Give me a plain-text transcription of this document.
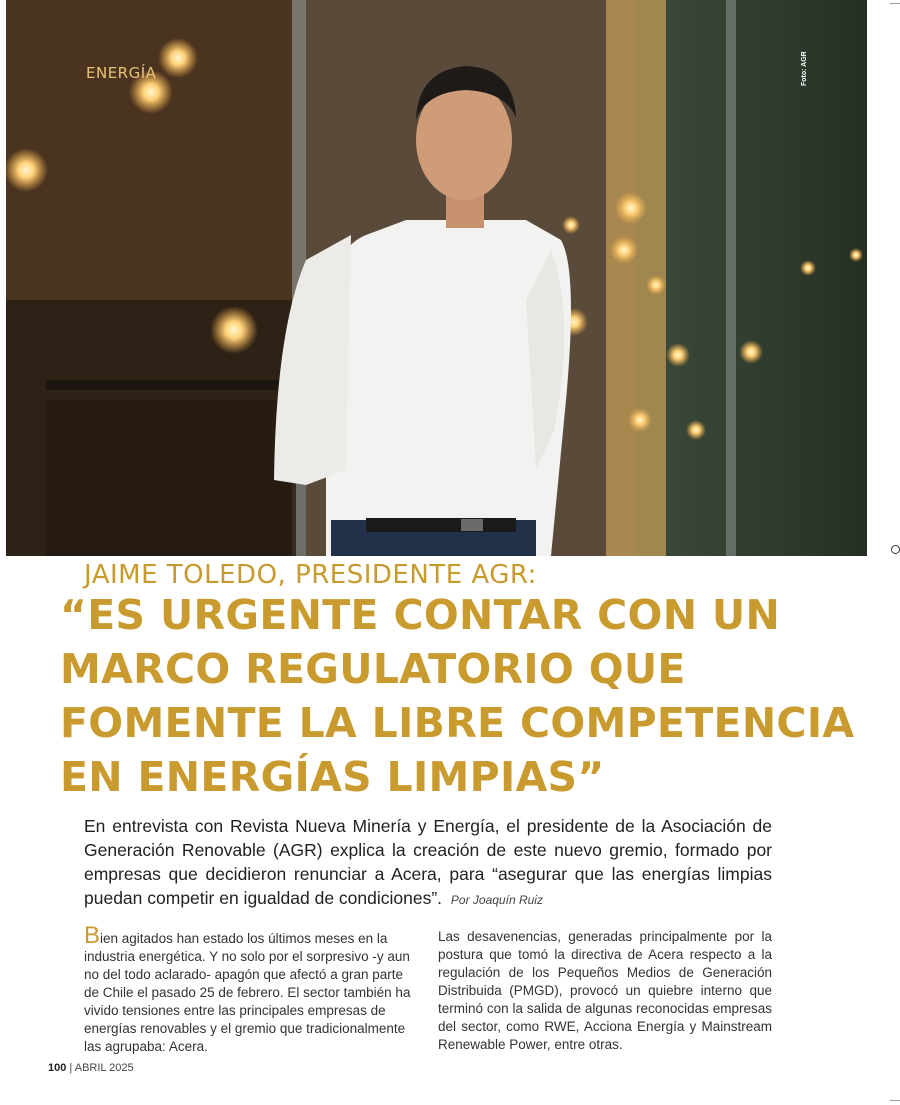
ENERGÍA	Foto: AGR
JAIME TOLEDO, PRESIDENTE AGR:
“ES URGENTE CONTAR CON UN
MARCO REGULATORIO QUE
FOMENTE LA LIBRE COMPETENCIA
EN ENERGÍAS LIMPIAS”

En entrevista con Revista Nueva Minería y Energía, el presidente de la Asociación de Generación Renovable (AGR) explica la creación de este nuevo gremio, formado por empresas que decidieron renunciar a Acera, para “asegurar que las energías limpias puedan competir en igualdad de condiciones”. Por Joaquín Ruiz

Bien agitados han estado los últimos meses en la industria energética. Y no solo por el sorpresivo -y aun no del todo aclarado- apagón que afectó a gran parte de Chile el pasado 25 de febrero. El sector también ha vivido tensiones entre las principales empresas de energías renovables y el gremio que tradicionalmente las agrupaba: Acera.

Las desavenencias, generadas principalmente por la postura que tomó la directiva de Acera respecto a la regulación de los Pequeños Medios de Generación Distribuida (PMGD), provocó un quiebre interno que terminó con la salida de algunas reconocidas empresas del sector, como RWE, Acciona Energía y Mainstream Renewable Power, entre otras.

100 | ABRIL 2025
